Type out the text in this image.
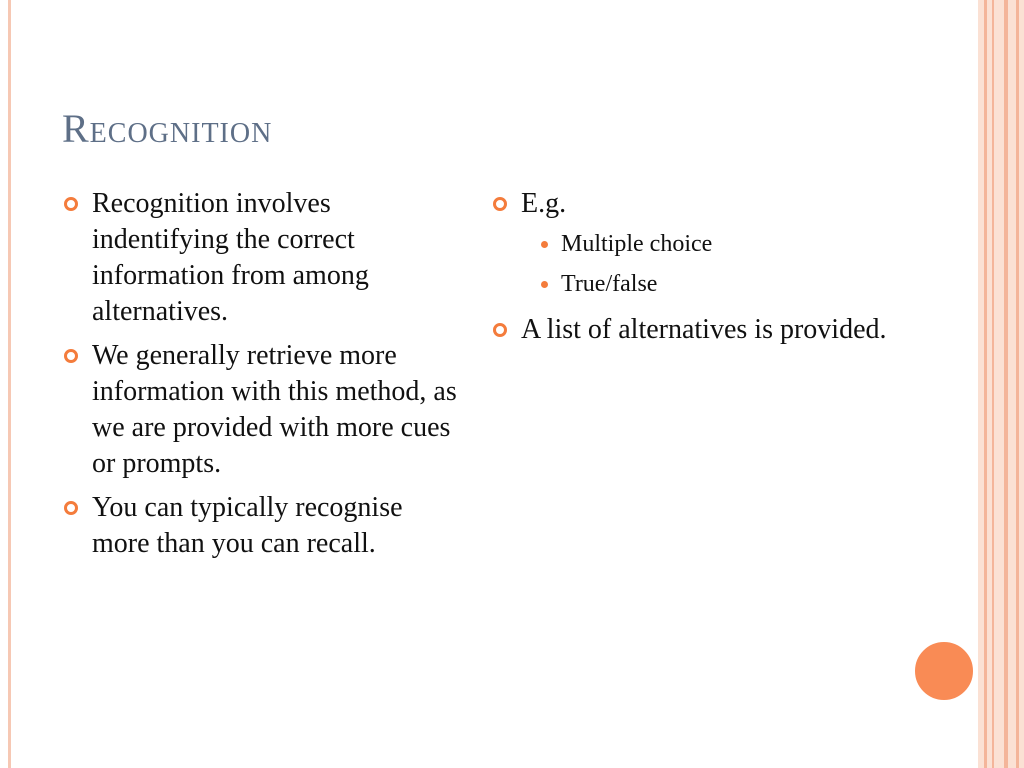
Recognition
Recognition involves indentifying the correct information from among alternatives.
We generally retrieve more information with this method, as we are provided with more cues or prompts.
You can typically recognise more than you can recall.
E.g.
Multiple choice
True/false
A list of alternatives is provided.
